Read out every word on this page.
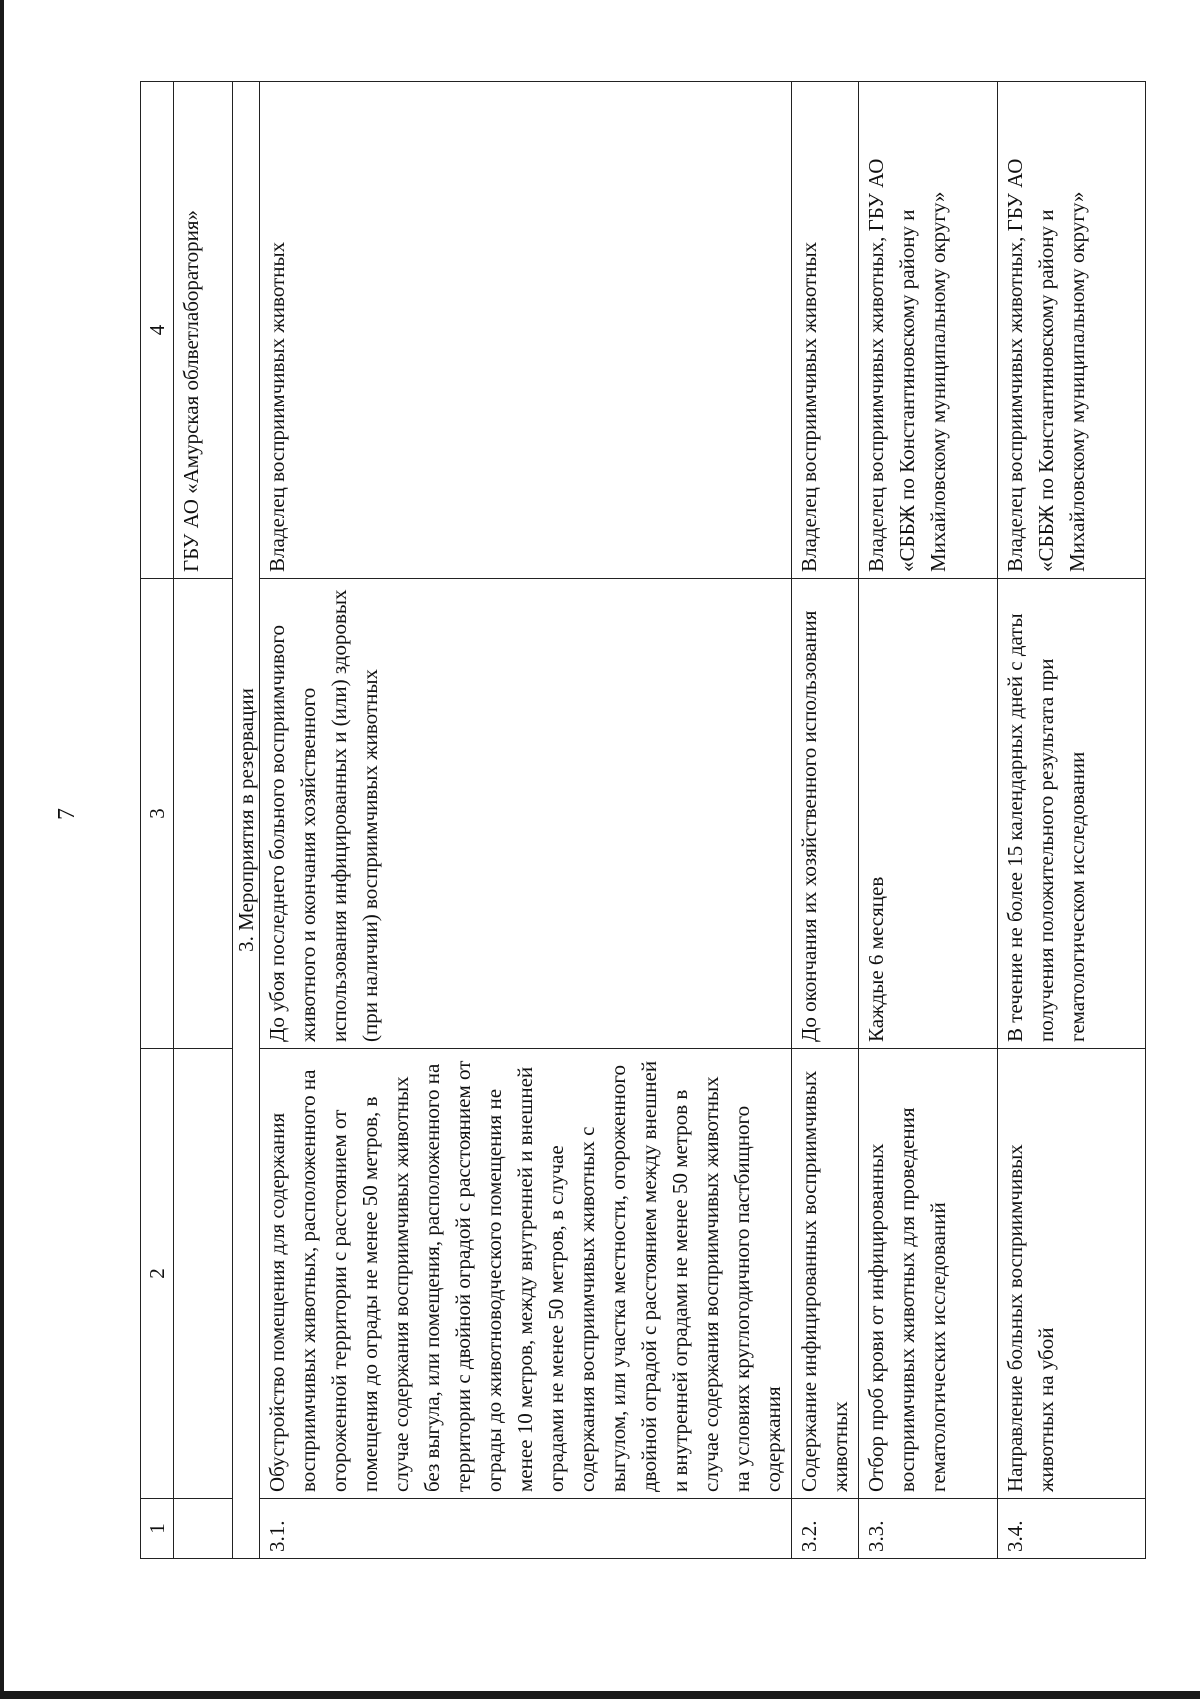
7
1	2	3	4
			ГБУ АО «Амурская облветлаборатория»
3. Мероприятия в резервации			
3.1.	Обустройство помещения для содержания восприимчивых животных, расположенного на огороженной территории с расстоянием от помещения до ограды не менее 50 метров, в случае содержания восприимчивых животных без выгула, или помещения, расположенного на территории с двойной оградой с расстоянием от ограды до животноводческого помещения не менее 10 метров, между внутренней и внешней оградами не менее 50 метров, в случае содержания восприимчивых животных с выгулом, или участка местности, огороженного двойной оградой с расстоянием между внешней и внутренней оградами не менее 50 метров в случае содержания восприимчивых животных на условиях круглогодичного пастбищного содержания	До убоя последнего больного восприимчивого животного и окончания хозяйственного использования инфицированных и (или) здоровых (при наличии) восприимчивых животных	Владелец восприимчивых животных
3.2.	Содержание инфицированных восприимчивых животных	До окончания их хозяйственного использования	Владелец восприимчивых животных
3.3.	Отбор проб крови от инфицированных восприимчивых животных для проведения гематологических исследований	Каждые 6 месяцев	Владелец восприимчивых животных, ГБУ АО «СББЖ по Константиновскому району и Михайловскому муниципальному округу»
3.4.	Направление больных восприимчивых животных на убой	В течение не более 15 календарных дней с даты получения положительного результата при гематологическом исследовании	Владелец восприимчивых животных, ГБУ АО «СББЖ по Константиновскому району и Михайловскому муниципальному округу»
